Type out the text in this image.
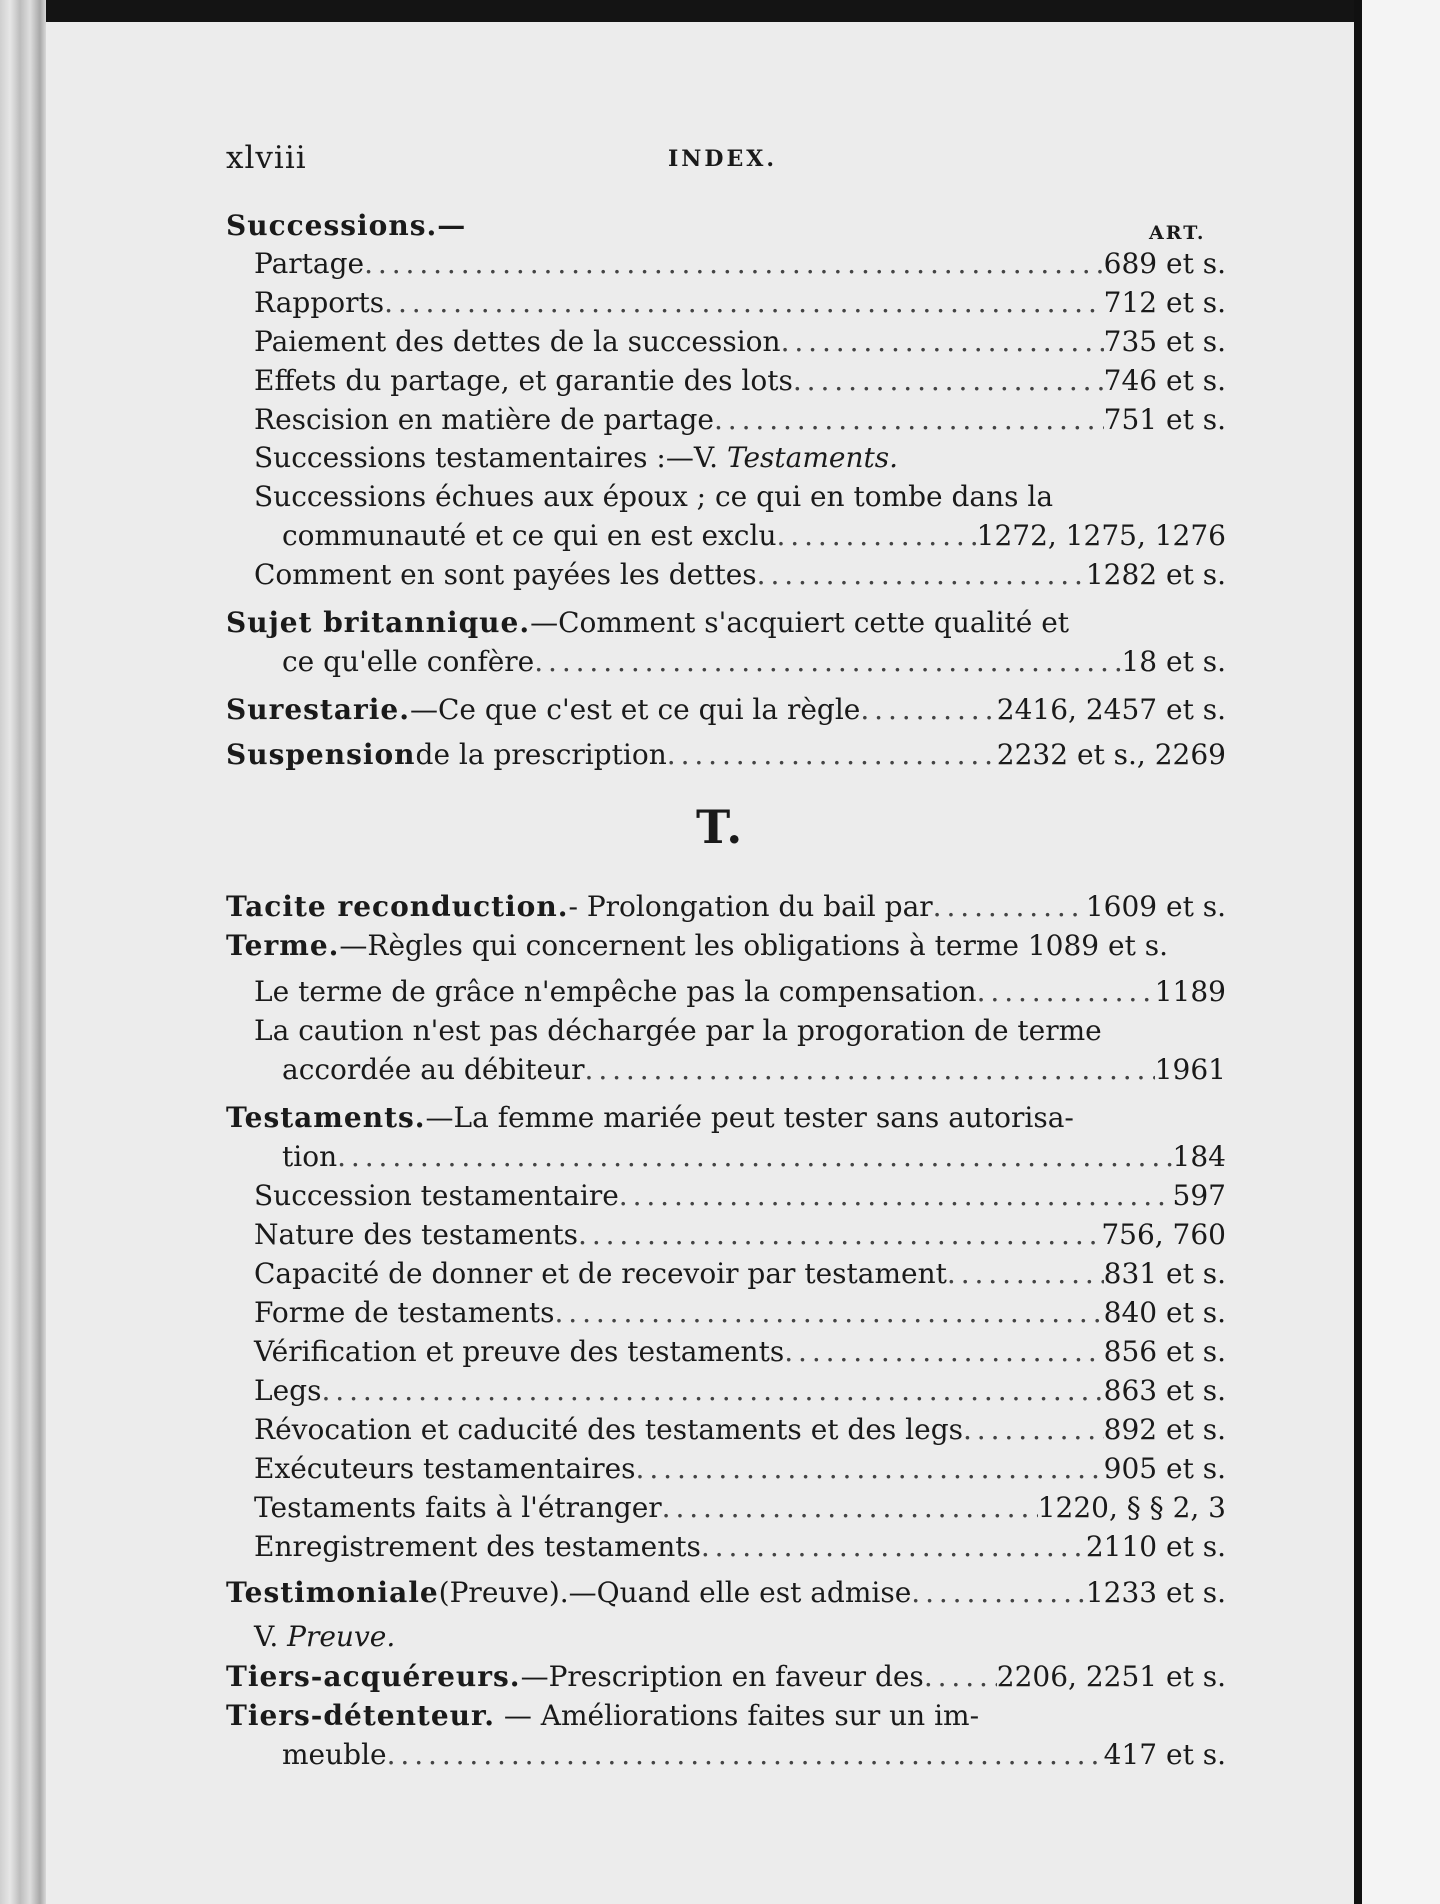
xlviii	INDEX.
ART.
Successions.—
Partage . . .	689 et s.
Rapports . . .	712 et s.
Paiement des dettes de la succession . . .	735 et s.
Effets du partage, et garantie des lots . . .	746 et s.
Rescision en matière de partage . . .	751 et s.
Successions testamentaires :—V. Testaments.
Successions échues aux époux ; ce qui en tombe dans la
communauté et ce qui en est exclu . . .	1272, 1275, 1276
Comment en sont payées les dettes . . .	1282 et s.
Sujet britannique.—Comment s'acquiert cette qualité et
ce qu'elle confère . . .	18 et s.
Surestarie. —Ce que c'est et ce qui la règle . . .	2416, 2457 et s.
Suspension de la prescription . . .	2232 et s., 2269
T.
Tacite reconduction. - Prolongation du bail par . . .	1609 et s.
Terme.—Règles qui concernent les obligations à terme 1089 et s.
Le terme de grâce n'empêche pas la compensation . . .	1189
La caution n'est pas déchargée par la progoration de terme
accordée au débiteur . . .	1961
Testaments.—La femme mariée peut tester sans autorisa-
tion . . .	184
Succession testamentaire . . .	597
Nature des testaments . . .	756, 760
Capacité de donner et de recevoir par testament . . .	831 et s.
Forme de testaments . . .	840 et s.
Vérification et preuve des testaments . . .	856 et s.
Legs . . .	863 et s.
Révocation et caducité des testaments et des legs . . .	892 et s.
Exécuteurs testamentaires . . .	905 et s.
Testaments faits à l'étranger . . .	1220, § § 2, 3
Enregistrement des testaments . . .	2110 et s.
Testimoniale (Preuve).—Quand elle est admise . . .	1233 et s.
V. Preuve.
Tiers-acquéreurs. —Prescription en faveur des . . .	2206, 2251 et s.
Tiers-détenteur. — Améliorations faites sur un im-
meuble . . .	417 et s.
